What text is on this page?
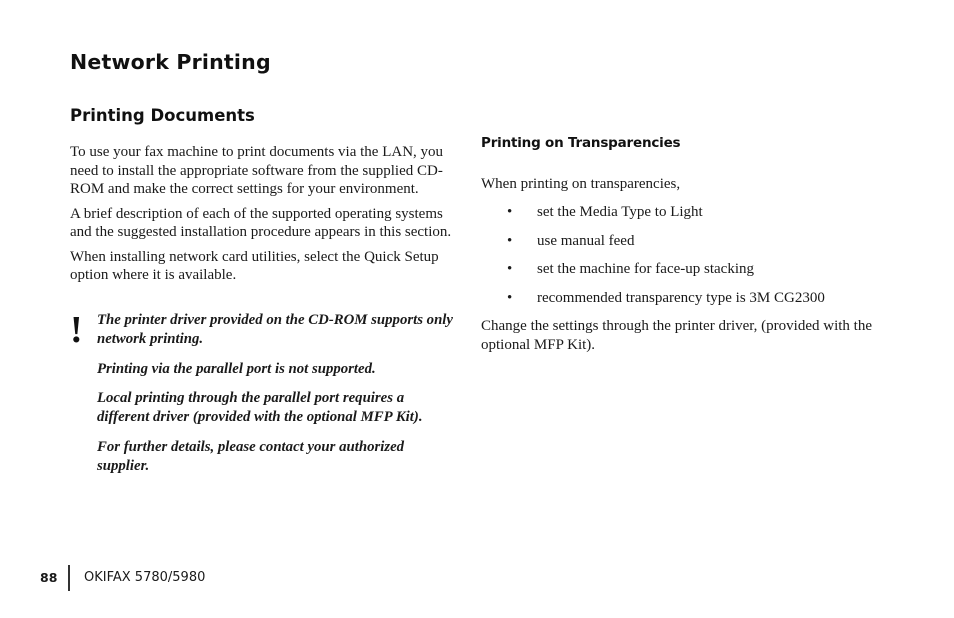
Network Printing
Printing Documents

To use your fax machine to print documents via the LAN, you need to install the appropriate software from the supplied CD-ROM and make the correct settings for your environment.

A brief description of each of the supported operating systems and the suggested installation procedure appears in this section.

When installing network card utilities, select the Quick Setup option where it is available.

! The printer driver provided on the CD-ROM supports only network printing.

Printing via the parallel port is not supported.

Local printing through the parallel port requires a different driver (provided with the optional MFP Kit).

For further details, please contact your authorized supplier.

Printing on Transparencies

When printing on transparencies,

• set the Media Type to Light
• use manual feed
• set the machine for face-up stacking
• recommended transparency type is 3M CG2300

Change the settings through the printer driver, (provided with the optional MFP Kit).

88 OKIFAX 5780/5980
